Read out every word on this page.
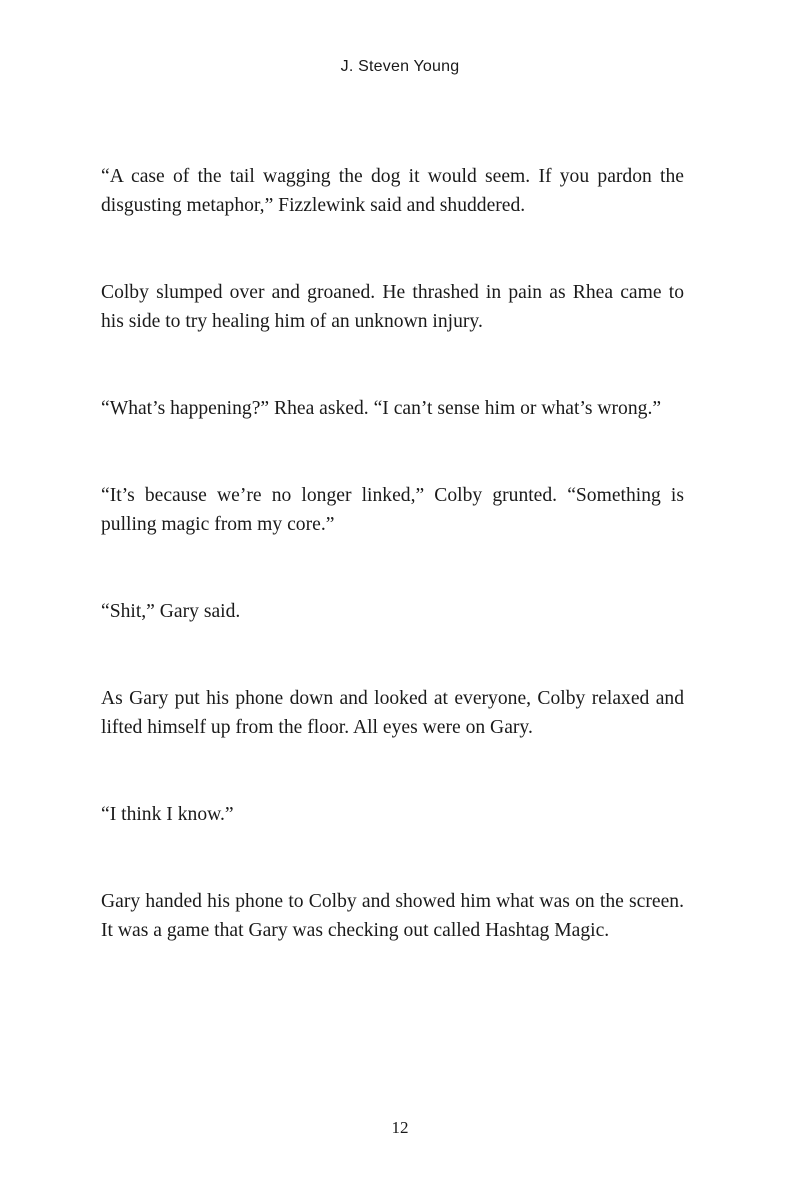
J. Steven Young

“A case of the tail wagging the dog it would seem. If you pardon the disgusting metaphor,” Fizzlewink said and shuddered.

Colby slumped over and groaned. He thrashed in pain as Rhea came to his side to try healing him of an unknown injury.

“What’s happening?” Rhea asked. “I can’t sense him or what’s wrong.”

“It’s because we’re no longer linked,” Colby grunted. “Something is pulling magic from my core.”

“Shit,” Gary said.

As Gary put his phone down and looked at everyone, Colby relaxed and lifted himself up from the floor. All eyes were on Gary.

“I think I know.”

Gary handed his phone to Colby and showed him what was on the screen. It was a game that Gary was checking out called Hashtag Magic.

12
